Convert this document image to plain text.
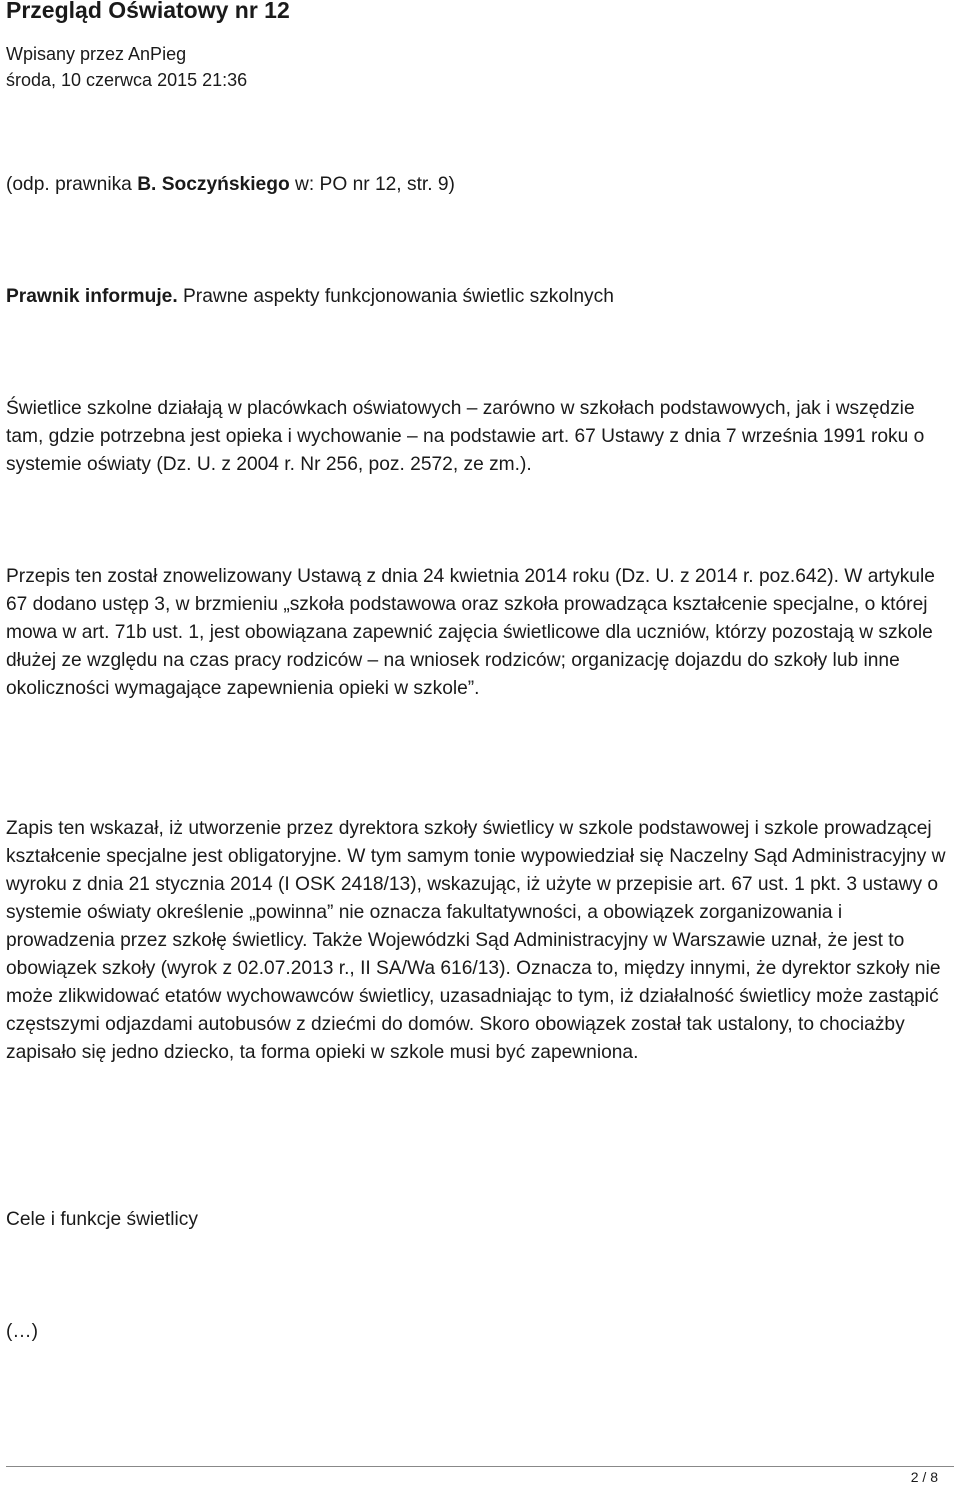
Przegląd Oświatowy nr 12

Wpisany przez AnPieg

środa, 10 czerwca 2015 21:36

(odp. prawnika B. Soczyńskiego w: PO nr 12, str. 9)

Prawnik informuje. Prawne aspekty funkcjonowania świetlic szkolnych

Świetlice szkolne działają w placówkach oświatowych – zarówno w szkołach podstawowych, jak i wszędzie tam, gdzie potrzebna jest opieka i wychowanie – na podstawie art. 67 Ustawy z dnia 7 września 1991 roku o systemie oświaty (Dz. U. z 2004 r. Nr 256, poz. 2572, ze zm.).

Przepis ten został znowelizowany Ustawą z dnia 24 kwietnia 2014 roku (Dz. U. z 2014 r. poz.642). W artykule 67 dodano ustęp 3, w brzmieniu „szkoła podstawowa oraz szkoła prowadząca kształcenie specjalne, o której mowa w art. 71b ust. 1, jest obowiązana zapewnić zajęcia świetlicowe dla uczniów, którzy pozostają w szkole dłużej ze względu na czas pracy rodziców – na wniosek rodziców; organizację dojazdu do szkoły lub inne okoliczności wymagające zapewnienia opieki w szkole”.

Zapis ten wskazał, iż utworzenie przez dyrektora szkoły świetlicy w szkole podstawowej i szkole prowadzącej kształcenie specjalne jest obligatoryjne. W tym samym tonie wypowiedział się Naczelny Sąd Administracyjny w wyroku z dnia 21 stycznia 2014 (I OSK 2418/13), wskazując, iż użyte w przepisie art. 67 ust. 1 pkt. 3 ustawy o systemie oświaty określenie „powinna” nie oznacza fakultatywności, a obowiązek zorganizowania i prowadzenia przez szkołę świetlicy. Także Wojewódzki Sąd Administracyjny w Warszawie uznał, że jest to obowiązek szkoły (wyrok z 02.07.2013 r., II SA/Wa 616/13). Oznacza to, między innymi, że dyrektor szkoły nie może zlikwidować etatów wychowawców świetlicy, uzasadniając to tym, iż działalność świetlicy może zastąpić częstszymi odjazdami autobusów z dziećmi do domów. Skoro obowiązek został tak ustalony, to chociażby zapisało się jedno dziecko, ta forma opieki w szkole musi być zapewniona.

Cele i funkcje świetlicy

(…)

2 / 8
